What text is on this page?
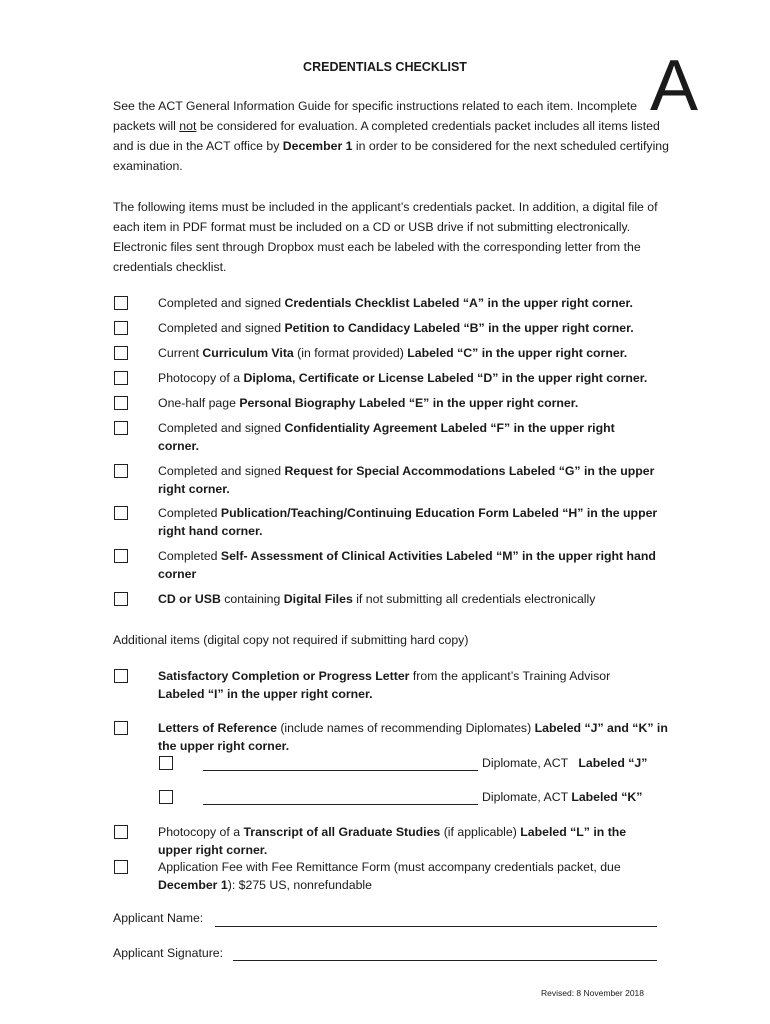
CREDENTIALS CHECKLIST	A
See the ACT General Information Guide for specific instructions related to each item. Incomplete packets will not be considered for evaluation. A completed credentials packet includes all items listed and is due in the ACT office by December 1 in order to be considered for the next scheduled certifying examination.
The following items must be included in the applicant’s credentials packet. In addition, a digital file of each item in PDF format must be included on a CD or USB drive if not submitting electronically. Electronic files sent through Dropbox must each be labeled with the corresponding letter from the credentials checklist.
Completed and signed Credentials Checklist Labeled “A” in the upper right corner.
Completed and signed Petition to Candidacy Labeled “B” in the upper right corner.
Current Curriculum Vita (in format provided) Labeled “C” in the upper right corner.
Photocopy of a Diploma, Certificate or License Labeled “D” in the upper right corner.
One-half page Personal Biography Labeled “E” in the upper right corner.
Completed and signed Confidentiality Agreement Labeled “F” in the upper right corner.
Completed and signed Request for Special Accommodations Labeled “G” in the upper right corner.
Completed Publication/Teaching/Continuing Education Form Labeled “H” in the upper right hand corner.
Completed Self- Assessment of Clinical Activities Labeled “M” in the upper right hand corner
CD or USB containing Digital Files if not submitting all credentials electronically
Additional items (digital copy not required if submitting hard copy)
Satisfactory Completion or Progress Letter from the applicant’s Training Advisor Labeled “I” in the upper right corner.
Letters of Reference (include names of recommending Diplomates) Labeled “J” and “K” in the upper right corner.
Diplomate, ACT Labeled “J”
Diplomate, ACT Labeled “K”
Photocopy of a Transcript of all Graduate Studies (if applicable) Labeled “L” in the upper right corner.
Application Fee with Fee Remittance Form (must accompany credentials packet, due December 1): $275 US, nonrefundable
Applicant Name:
Applicant Signature:
Revised: 8 November 2018
